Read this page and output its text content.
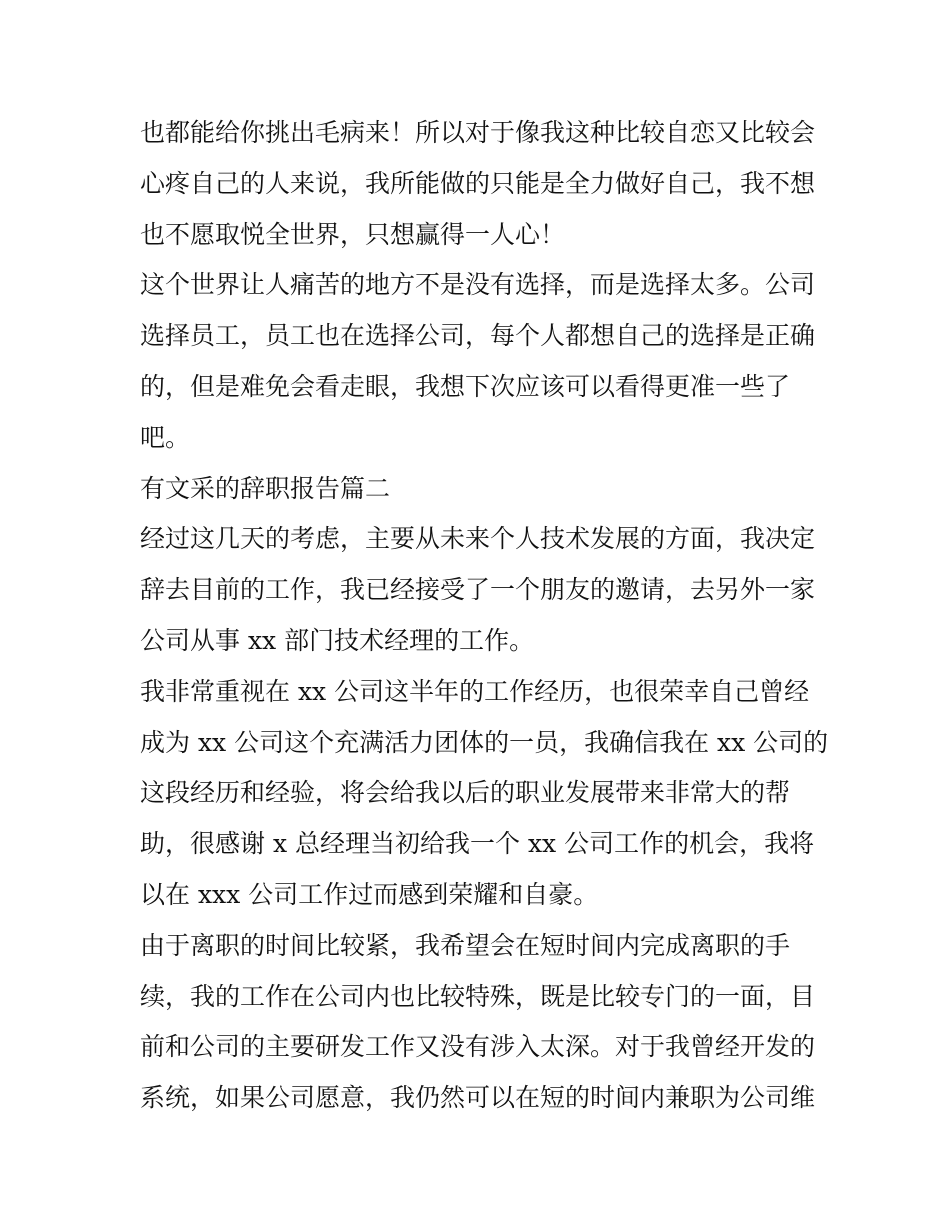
也都能给你挑出毛病来！所以对于像我这种比较自恋又比较会
心疼自己的人来说，我所能做的只能是全力做好自己，我不想
也不愿取悦全世界，只想赢得一人心！
这个世界让人痛苦的地方不是没有选择，而是选择太多。公司
选择员工，员工也在选择公司，每个人都想自己的选择是正确
的，但是难免会看走眼，我想下次应该可以看得更准一些了
吧。
有文采的辞职报告篇二
经过这几天的考虑，主要从未来个人技术发展的方面，我决定
辞去目前的工作，我已经接受了一个朋友的邀请，去另外一家
公司从事 xx 部门技术经理的工作。
我非常重视在 xx 公司这半年的工作经历，也很荣幸自己曾经
成为 xx 公司这个充满活力团体的一员，我确信我在 xx 公司的
这段经历和经验，将会给我以后的职业发展带来非常大的帮
助，很感谢 x 总经理当初给我一个 xx 公司工作的机会，我将
以在 xxx 公司工作过而感到荣耀和自豪。
由于离职的时间比较紧，我希望会在短时间内完成离职的手
续，我的工作在公司内也比较特殊，既是比较专门的一面，目
前和公司的主要研发工作又没有涉入太深。对于我曾经开发的
系统，如果公司愿意，我仍然可以在短的时间内兼职为公司维
